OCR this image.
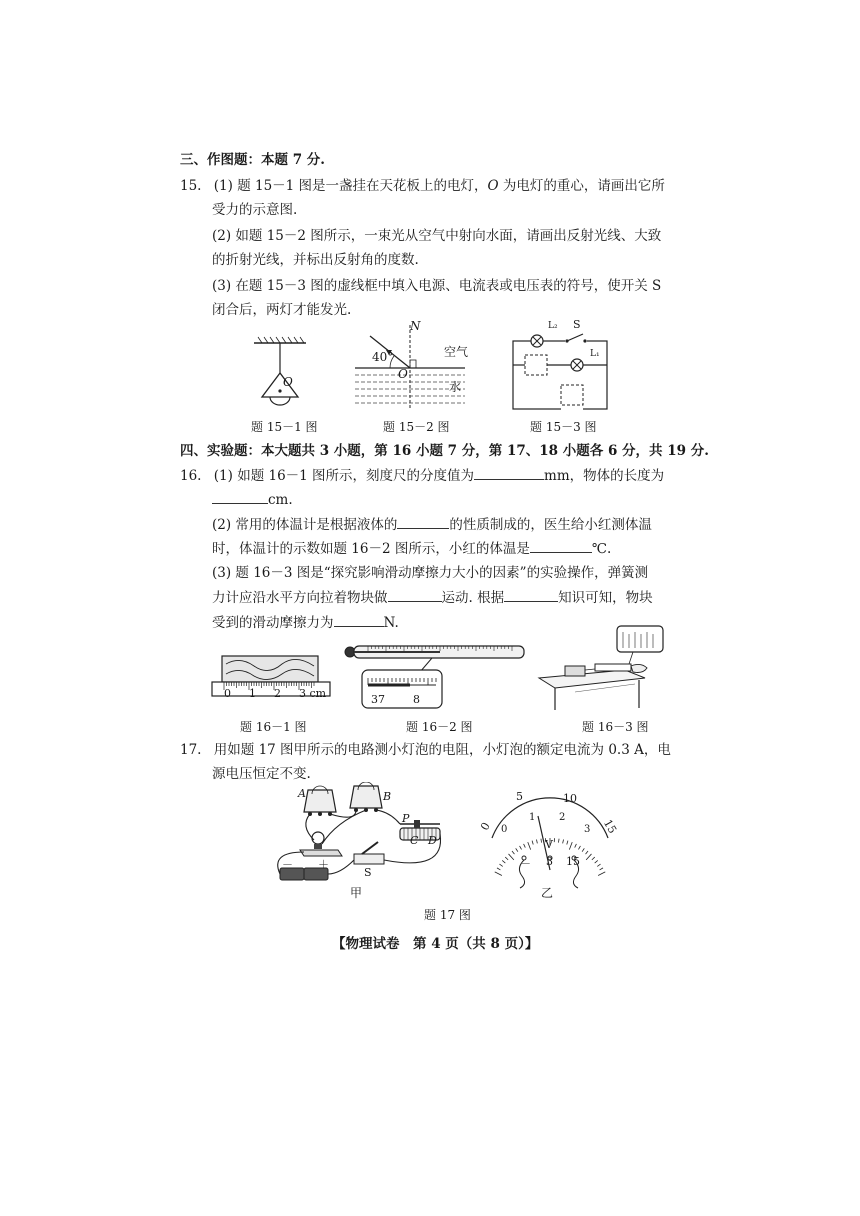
三、作图题：本题 7 分.
15. (1) 题 15－1 图是一盏挂在天花板上的电灯，O 为电灯的重心，请画出它所
受力的示意图.
(2) 如题 15－2 图所示，一束光从空气中射向水面，请画出反射光线、大致
的折射光线，并标出反射角的度数.
(3) 在题 15－3 图的虚线框中填入电源、电流表或电压表的符号，使开关 S
闭合后，两灯才能发光.
O
题 15－1 图
N
40°
O
空气
水
题 15－2 图
L₂ S
L₁
题 15－3 图
四、实验题：本大题共 3 小题，第 16 小题 7 分，第 17、18 小题各 6 分，共 19 分.
16. (1) 如题 16－1 图所示，刻度尺的分度值为	mm，物体的长度为
cm.
(2) 常用的体温计是根据液体的	的性质制成的，医生给小红测体温
时，体温计的示数如题 16－2 图所示，小红的体温是	℃.
(3) 题 16－3 图是“探究影响滑动摩擦力大小的因素”的实验操作，弹簧测
力计应沿水平方向拉着物块做	运动. 根据	知识可知，物块
受到的滑动摩擦力为	N.
0 1 2 3 cm
题 16－1 图
37	8
题 16－2 图	题 16－3 图
17. 用如题 17 图甲所示的电路测小灯泡的电阻，小灯泡的额定电流为 0.3 A，电
源电压恒定不变.
A	B
P
C D
－ ＋
S
甲
0
5	10
15
0
1 2
3
V
－ 3 15
乙
题 17 图
【物理试卷　第 4 页（共 8 页）】
